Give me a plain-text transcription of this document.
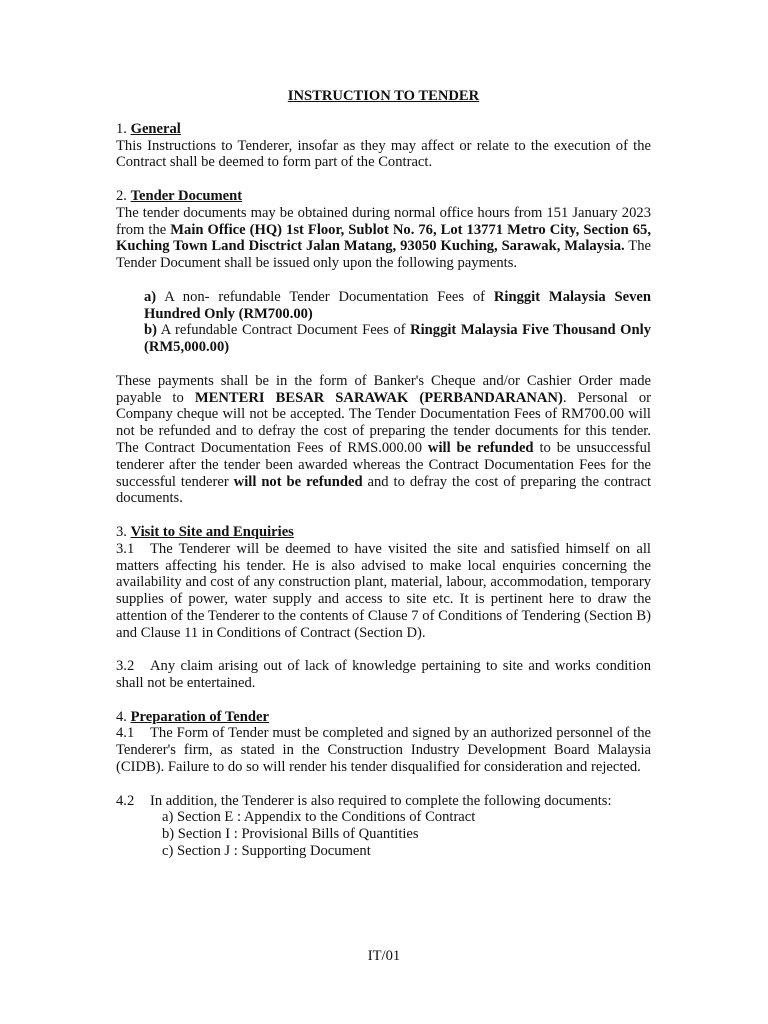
INSTRUCTION TO TENDER

1. General

This Instructions to Tenderer, insofar as they may affect or relate to the execution of the Contract shall be deemed to form part of the Contract.

2. Tender Document

The tender documents may be obtained during normal office hours from 151 January 2023 from the Main Office (HQ) 1st Floor, Sublot No. 76, Lot 13771 Metro City, Section 65, Kuching Town Land Disctrict Jalan Matang, 93050 Kuching, Sarawak, Malaysia. The Tender Document shall be issued only upon the following payments.

a) A non- refundable Tender Documentation Fees of Ringgit Malaysia Seven Hundred Only (RM700.00)

b) A refundable Contract Document Fees of Ringgit Malaysia Five Thousand Only (RM5,000.00)

These payments shall be in the form of Banker's Cheque and/or Cashier Order made payable to MENTERI BESAR SARAWAK (PERBANDARANAN). Personal or Company cheque will not be accepted. The Tender Documentation Fees of RM700.00 will not be refunded and to defray the cost of preparing the tender documents for this tender. The Contract Documentation Fees of RMS.000.00 will be refunded to be unsuccessful tenderer after the tender been awarded whereas the Contract Documentation Fees for the successful tenderer will not be refunded and to defray the cost of preparing the contract documents.

3. Visit to Site and Enquiries

3.1 The Tenderer will be deemed to have visited the site and satisfied himself on all matters affecting his tender. He is also advised to make local enquiries concerning the availability and cost of any construction plant, material, labour, accommodation, temporary supplies of power, water supply and access to site etc. It is pertinent here to draw the attention of the Tenderer to the contents of Clause 7 of Conditions of Tendering (Section B) and Clause 11 in Conditions of Contract (Section D).

3.2 Any claim arising out of lack of knowledge pertaining to site and works condition shall not be entertained.

4. Preparation of Tender

4.1 The Form of Tender must be completed and signed by an authorized personnel of the Tenderer's firm, as stated in the Construction Industry Development Board Malaysia (CIDB). Failure to do so will render his tender disqualified for consideration and rejected.

4.2 In addition, the Tenderer is also required to complete the following documents:

a) Section E : Appendix to the Conditions of Contract

b) Section I : Provisional Bills of Quantities

c) Section J : Supporting Document

IT/01
